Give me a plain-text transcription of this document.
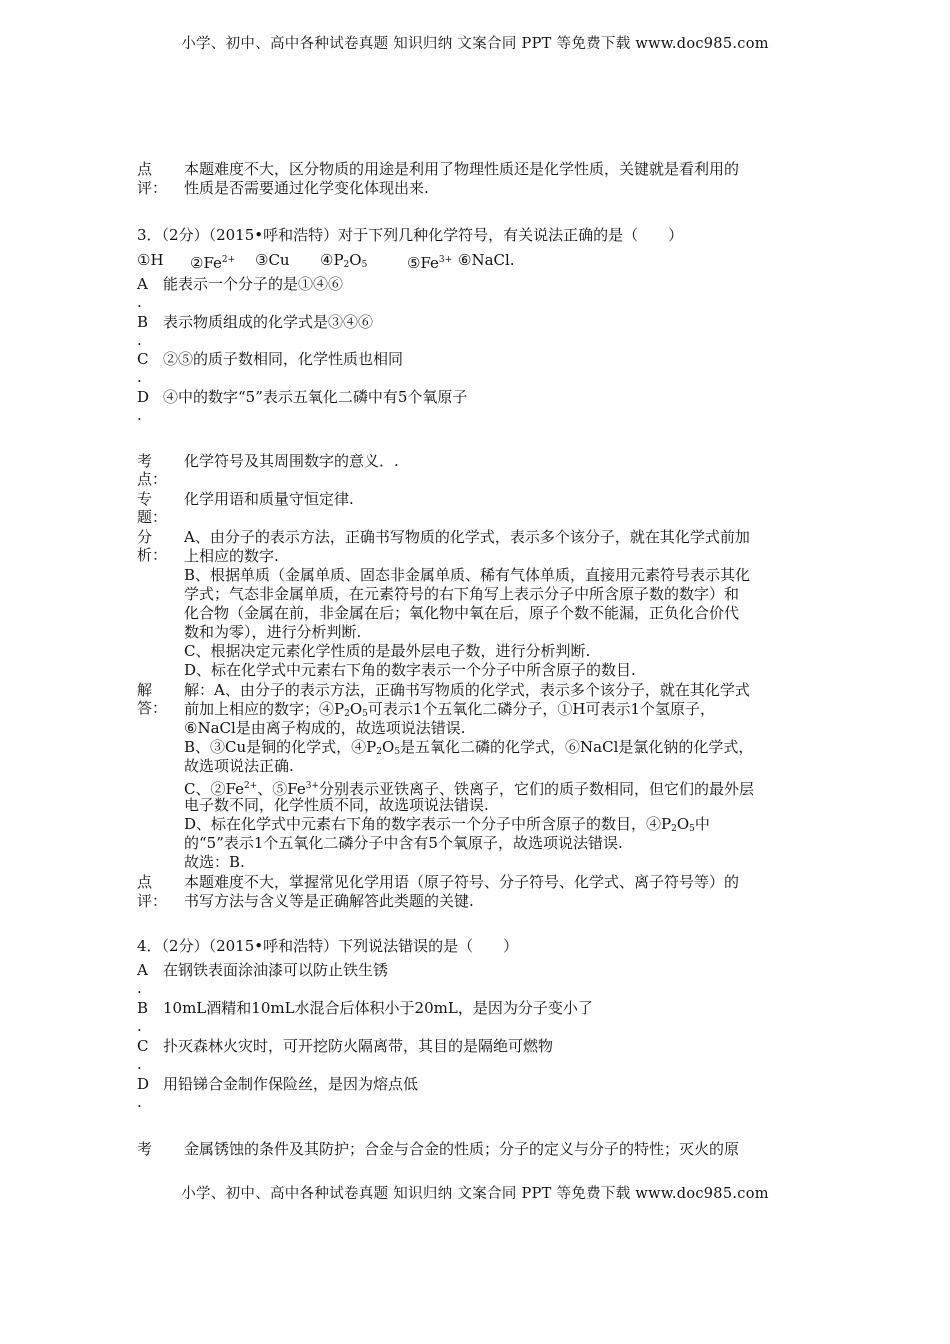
小学、初中、高中各种试卷真题 知识归纳 文案合同 PPT 等免费下载 www.doc985.com
小学、初中、高中各种试卷真题 知识归纳 文案合同 PPT 等免费下载 www.doc985.com
点
评：
本题难度不大，区分物质的用途是利用了物理性质还是化学性质，关键就是看利用的
性质是否需要通过化学变化体现出来.
3．（2分）（2015•呼和浩特）对于下列几种化学符号，有关说法正确的是（　　）
①H $②Fe^{2+}$ ③Cu $④P_2O_5$	$⑤Fe^{3+}$ ⑥NaCl.
A
.
能表示一个分子的是①④⑥
B
.
表示物质组成的化学式是③④⑥
C
.
②⑤的质子数相同，化学性质也相同
D
.
④中的数字“5”表示五氧化二磷中有5个氧原子
考
点：
化学符号及其周围数字的意义．.
专
题：
化学用语和质量守恒定律.
分
析：
A、由分子的表示方法，正确书写物质的化学式，表示多个该分子，就在其化学式前加
上相应的数字.
B、根据单质（金属单质、固态非金属单质、稀有气体单质，直接用元素符号表示其化
学式；气态非金属单质，在元素符号的右下角写上表示分子中所含原子数的数字）和
化合物（金属在前，非金属在后；氧化物中氧在后，原子个数不能漏，正负化合价代
数和为零），进行分析判断.
C、根据决定元素化学性质的是最外层电子数，进行分析判断.
D、标在化学式中元素右下角的数字表示一个分子中所含原子的数目.
解
答：
解：A、由分子的表示方法，正确书写物质的化学式，表示多个该分子，就在其化学式
前加上相应的数字；$④P_2O_5$可表示1个五氧化二磷分子，①H可表示1个氢原子，
⑥NaCl是由离子构成的，故选项说法错误.
B、③Cu是铜的化学式，$④P_2O_5$是五氧化二磷的化学式，⑥NaCl是氯化钠的化学式，
故选项说法正确.
C、$②Fe^{2+}$、$⑤Fe^{3+}$分别表示亚铁离子、铁离子，它们的质子数相同，但它们的最外层
电子数不同，化学性质不同，故选项说法错误.
D、标在化学式中元素右下角的数字表示一个分子中所含原子的数目，$④P_2O_5$中
的“5”表示1个五氧化二磷分子中含有5个氧原子，故选项说法错误.
故选：B.
点
评：
本题难度不大，掌握常见化学用语（原子符号、分子符号、化学式、离子符号等）的
书写方法与含义等是正确解答此类题的关键.
4．（2分）（2015•呼和浩特）下列说法错误的是（　　）
A
.
在钢铁表面涂油漆可以防止铁生锈
B
.
10mL酒精和10mL水混合后体积小于20mL，是因为分子变小了
C
.
扑灭森林火灾时，可开挖防火隔离带，其目的是隔绝可燃物
D
.
用铅锑合金制作保险丝，是因为熔点低
考 金属锈蚀的条件及其防护；合金与合金的性质；分子的定义与分子的特性；灭火的原
